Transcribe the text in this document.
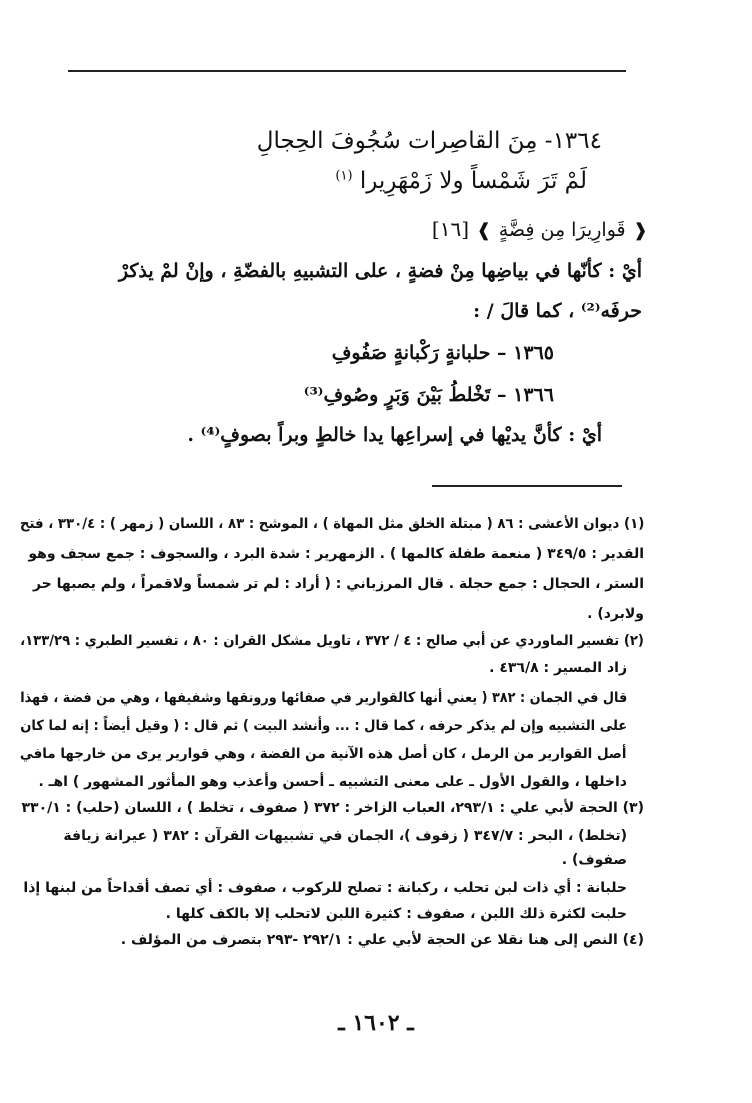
١٣٦٤- مِنَ القاصِرات سُجُوفَ الحِجالِ
لَمْ تَرَ شَمْساً ولا زَمْهَرِيرا $^{(١)}$
❰ قَوارِيرَا مِن فِضَّةٍ ❱ [١٦]
أيْ : كأنّها في بياضِها مِنْ فضةٍ ، على التشبيهِ بالفضّةِ ، وإنْ لمْ يذكرْ
حرفَه⁽²⁾ ، كما قالَ / :
١٣٦٥ – حلبانةٍ رَكْبانةٍ صَفُوفِ
١٣٦٦ – تَخْلطُ بَيْنَ وَبَرٍ وصُوفِ⁽³⁾
أيْ : كأنَّ يديْها في إسراعِها يدا خالطٍ وبراً بصوفٍ⁽⁴⁾ .
(١) ديوان الأعشى : ٨٦ ( مبتلة الخلق مثل المهاة ) ، الموشح : ٨٣ ، اللسان ( زمهر ) : ٣٣٠/٤ ، فتح
القدير : ٣٤٩/٥ ( منعمة طفلة كالمها ) . الزمهرير : شدة البرد ، والسجوف : جمع سجف وهو
الستر ، الحجال : جمع حجلة . قال المرزباني : ( أراد : لم تر شمساً ولاقمراً ، ولم يصبها حر
ولابرد) .
(٢) تفسير الماوردي عن أبي صالح : ٤ / ٣٧٢ ، تاويل مشكل القران : ٨٠ ، تفسير الطبري : ١٣٣/٢٩،
زاد المسير : ٤٣٦/٨ .
قال في الجمان : ٣٨٢ ( يعني أنها كالقوارير في صفائها ورونقها وشفيفها ، وهي من فضة ، فهذا
على التشبيه وإن لم يذكر حرفه ، كما قال : ... وأنشد البيت ) ثم قال : ( وقيل أيضاً : إنه لما كان
أصل القوارير من الرمل ، كان أصل هذه الآنية من الفضة ، وهي قوارير يرى من خارجها مافي
داخلها ، والقول الأول ـ على معنى التشبيه ـ أحسن وأعذب وهو المأثور المشهور ) اهـ .
(٣) الحجة لأبي علي : ٢٩٣/١، العباب الزاخر : ٣٧٢ ( صفوف ، تخلط ) ، اللسان (حلب) : ٣٣٠/١
(تخلط) ، البحر : ٣٤٧/٧ ( زفوف )، الجمان في تشبيهات القرآن : ٣٨٢ ( عيرانة زيافة
صفوف) .
حلبانة : أي ذات لبن تحلب ، ركبانة : تصلح للركوب ، صفوف : أي تصف أقداحاً من لبنها إذا
حلبت لكثرة ذلك اللبن ، صفوف : كثيرة اللبن لاتحلب إلا بالكف كلها .
(٤) النص إلى هنا نقلا عن الحجة لأبي علي : ٢٩٢/١ -٢٩٣ بتصرف من المؤلف .
ـ ١٦٠٢ ـ
